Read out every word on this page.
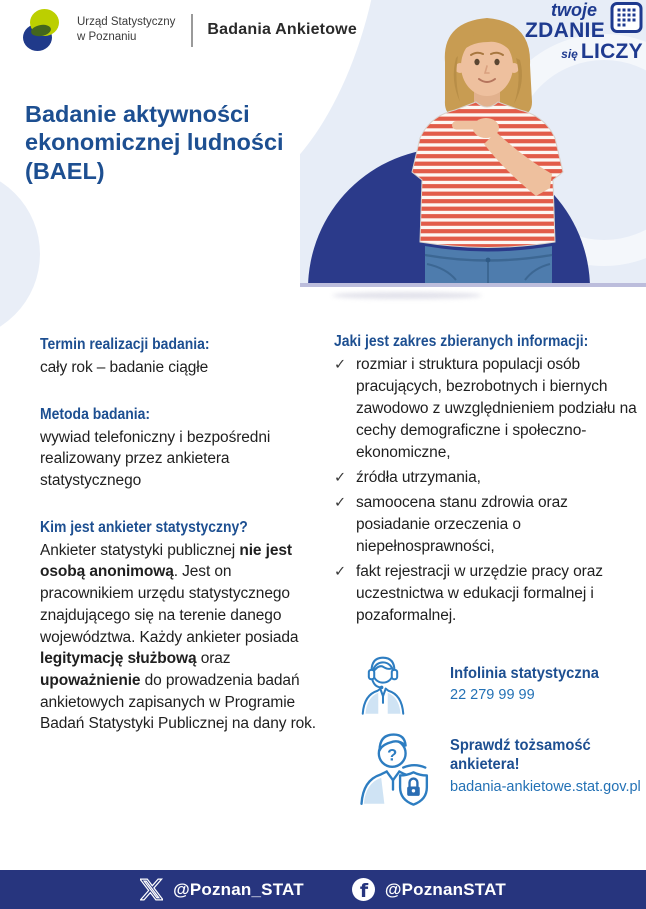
Urząd Statystyczny
w Poznaniu	Badania Ankietowe
twoje
ZDANIE
się LICZY
Badanie aktywności ekonomicznej ludności (BAEL)
Termin realizacji badania:

cały rok – badanie ciągłe

Metoda badania:

wywiad telefoniczny i bezpośredni realizowany przez ankietera statystycznego

Kim jest ankieter statystyczny?

Ankieter statystyki publicznej nie jest osobą anonimową. Jest on pracownikiem urzędu statystycznego znajdującego się na terenie danego województwa. Każdy ankieter posiada legitymację służbową oraz upoważnienie do prowadzenia badań ankietowych zapisanych w Programie Badań Statystyki Publicznej na dany rok.

Jaki jest zakres zbieranych informacji:
✓ rozmiar i struktura populacji osób pracujących, bezrobotnych i biernych zawodowo z uwzględnieniem podziału na cechy demograficzne i społeczno-ekonomiczne,
✓ źródła utrzymania,
✓ samoocena stanu zdrowia oraz posiadanie orzeczenia o niepełnosprawności,
✓ fakt rejestracji w urzędzie pracy oraz uczestnictwa w edukacji formalnej i pozaformalnej.
Infolinia statystyczna
22 279 99 99
?	Sprawdź tożsamość ankietera!
badania-ankietowe.stat.gov.pl
@Poznan_STAT	f @PoznanSTAT
